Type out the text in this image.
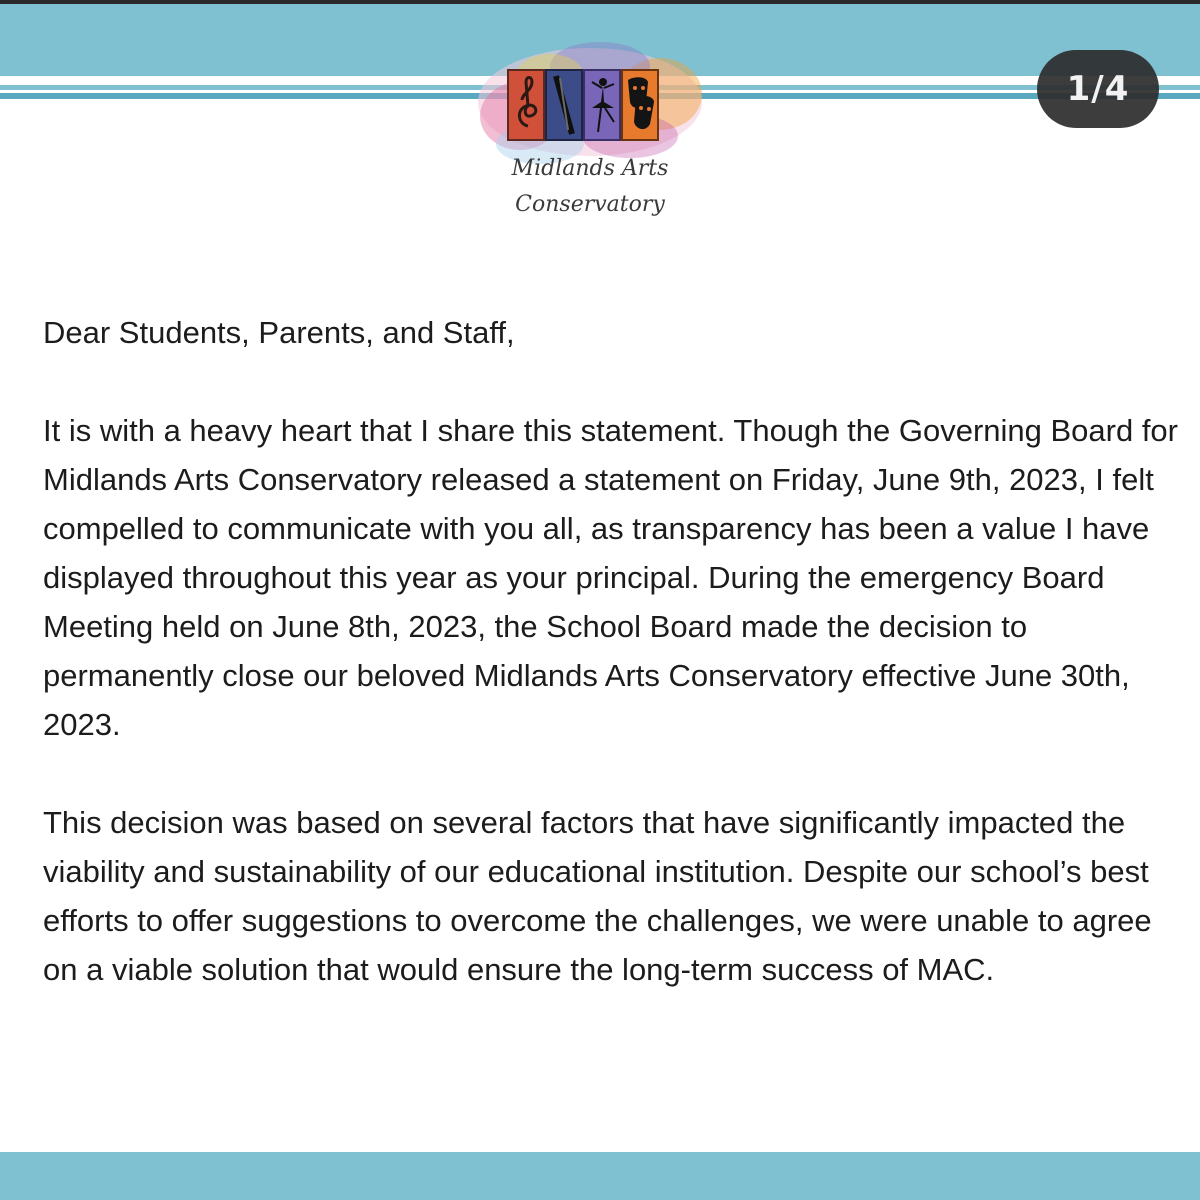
Midlands Arts
Conservatory
1/4

Dear Students, Parents, and Staff,

It is with a heavy heart that I share this statement. Though the Governing Board for Midlands Arts Conservatory released a statement on Friday, June 9th, 2023, I felt compelled to communicate with you all, as transparency has been a value I have displayed throughout this year as your principal. During the emergency Board Meeting held on June 8th, 2023, the School Board made the decision to permanently close our beloved Midlands Arts Conservatory effective June 30th, 2023.

This decision was based on several factors that have significantly impacted the viability and sustainability of our educational institution. Despite our school’s best efforts to offer suggestions to overcome the challenges, we were unable to agree on a viable solution that would ensure the long-term success of MAC.
